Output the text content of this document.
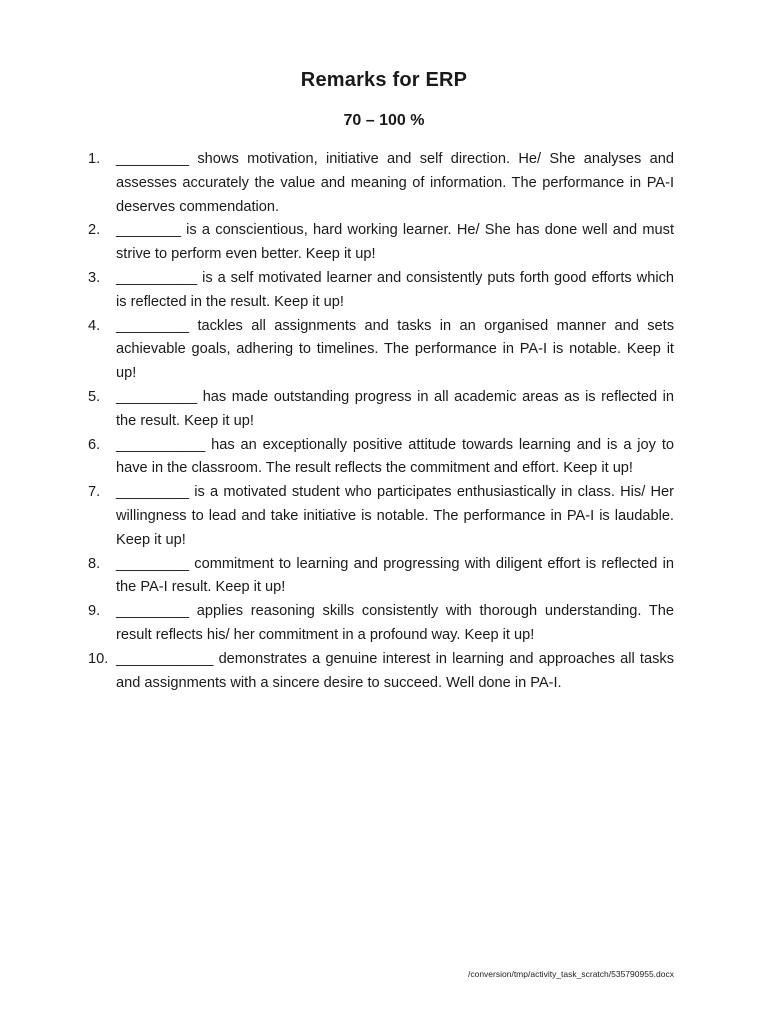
Remarks for ERP
70 – 100 %
1. _________ shows motivation, initiative and self direction. He/ She analyses and assesses accurately the value and meaning of information. The performance in PA-I deserves commendation.
2. ________ is a conscientious, hard working learner. He/ She has done well and must strive to perform even better. Keep it up!
3. __________ is a self motivated learner and consistently puts forth good efforts which is reflected in the result. Keep it up!
4. _________ tackles all assignments and tasks in an organised manner and sets achievable goals, adhering to timelines. The performance in PA-I is notable. Keep it up!
5. __________ has made outstanding progress in all academic areas as is reflected in the result. Keep it up!
6. ___________ has an exceptionally positive attitude towards learning and is a joy to have in the classroom. The result reflects the commitment and effort. Keep it up!
7. _________ is a motivated student who participates enthusiastically in class. His/ Her willingness to lead and take initiative is notable. The performance in PA-I is laudable. Keep it up!
8. _________ commitment to learning and progressing with diligent effort is reflected in the PA-I result. Keep it up!
9. _________ applies reasoning skills consistently with thorough understanding. The result reflects his/ her commitment in a profound way. Keep it up!
10. ____________ demonstrates a genuine interest in learning and approaches all tasks and assignments with a sincere desire to succeed. Well done in PA-I.
/conversion/tmp/activity_task_scratch/535790955.docx
